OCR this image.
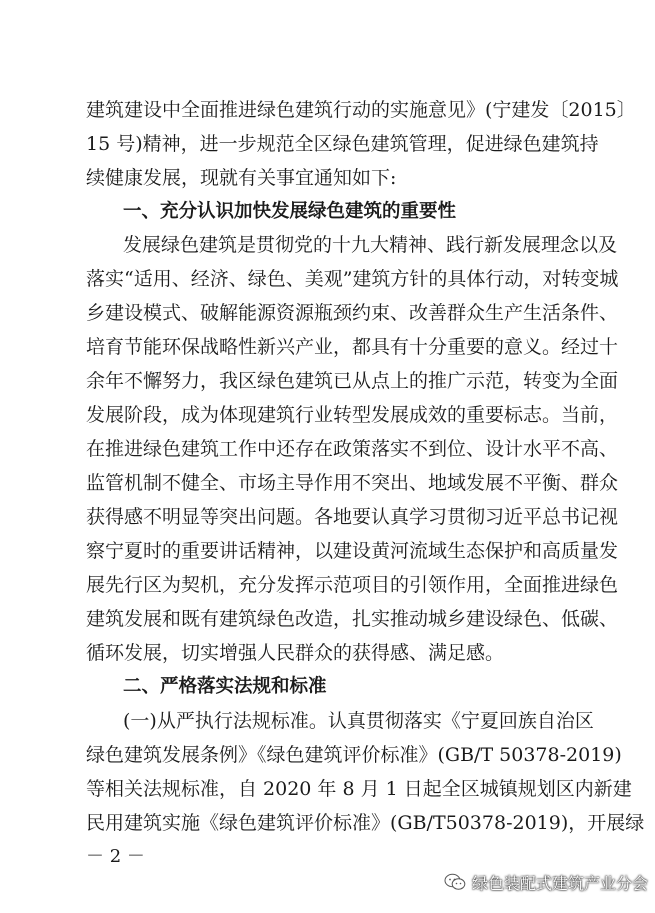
建筑建设中全面推进绿色建筑行动的实施意见》(宁建发〔2015〕
15 号)精神，进一步规范全区绿色建筑管理，促进绿色建筑持
续健康发展，现就有关事宜通知如下:
一、充分认识加快发展绿色建筑的重要性
发展绿色建筑是贯彻党的十九大精神、践行新发展理念以及
落实“适用、经济、绿色、美观”建筑方针的具体行动，对转变城
乡建设模式、破解能源资源瓶颈约束、改善群众生产生活条件、
培育节能环保战略性新兴产业，都具有十分重要的意义。经过十
余年不懈努力，我区绿色建筑已从点上的推广示范，转变为全面
发展阶段，成为体现建筑行业转型发展成效的重要标志。当前，
在推进绿色建筑工作中还存在政策落实不到位、设计水平不高、
监管机制不健全、市场主导作用不突出、地域发展不平衡、群众
获得感不明显等突出问题。各地要认真学习贯彻习近平总书记视
察宁夏时的重要讲话精神，以建设黄河流域生态保护和高质量发
展先行区为契机，充分发挥示范项目的引领作用，全面推进绿色
建筑发展和既有建筑绿色改造，扎实推动城乡建设绿色、低碳、
循环发展，切实增强人民群众的获得感、满足感。
二、严格落实法规和标准
(一)从严执行法规标准。认真贯彻落实《宁夏回族自治区
绿色建筑发展条例》《绿色建筑评价标准》(GB/T 50378-2019)
等相关法规标准，自 2020 年 8 月 1 日起全区城镇规划区内新建
民用建筑实施《绿色建筑评价标准》(GB/T50378-2019)，开展绿
－ 2 －
绿色装配式建筑产业分会
